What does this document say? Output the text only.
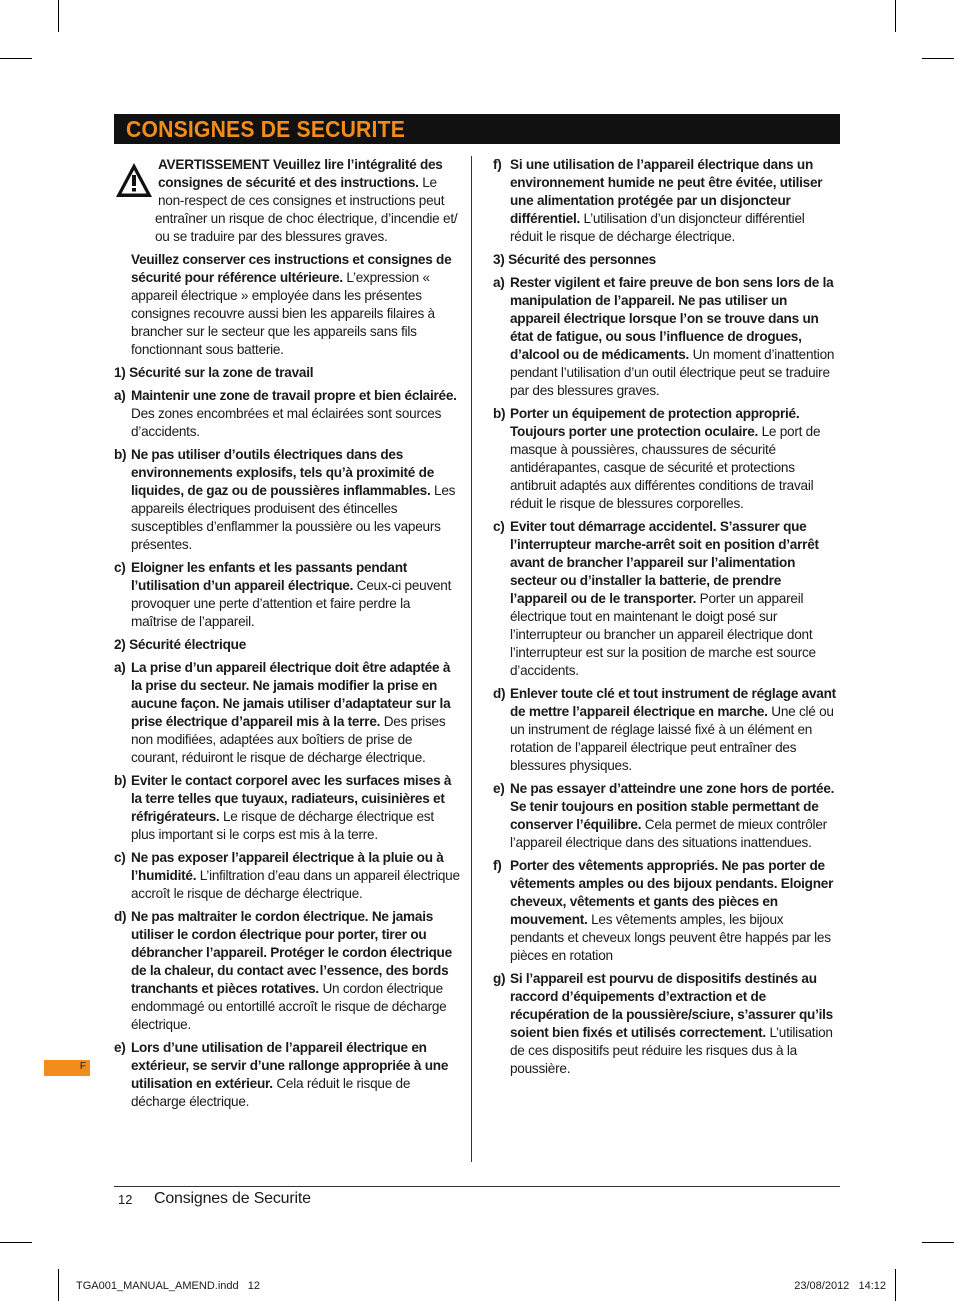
CONSIGNES DE SECURITE
AVERTISSEMENT Veuillez lire l’intégralité des consignes de sécurité et des instructions. Le non-respect de ces consignes et instructions peut entraîner un risque de choc électrique, d’incendie et/ ou se traduire par des blessures graves.
Veuillez conserver ces instructions et consignes de sécurité pour référence ultérieure. L’expression « appareil électrique » employée dans les présentes consignes recouvre aussi bien les appareils filaires à brancher sur le secteur que les appareils sans fils fonctionnant sous batterie.
1) Sécurité sur la zone de travail
a) Maintenir une zone de travail propre et bien éclairée. Des zones encombrées et mal éclairées sont sources d’accidents.
b) Ne pas utiliser d’outils électriques dans des environnements explosifs, tels qu’à proximité de liquides, de gaz ou de poussières inflammables. Les appareils électriques produisent des étincelles susceptibles d’enflammer la poussière ou les vapeurs présentes.
c) Eloigner les enfants et les passants pendant l’utilisation d’un appareil électrique. Ceux-ci peuvent provoquer une perte d’attention et faire perdre la maîtrise de l’appareil.
2) Sécurité électrique
a) La prise d’un appareil électrique doit être adaptée à la prise du secteur. Ne jamais modifier la prise en aucune façon. Ne jamais utiliser d’adaptateur sur la prise électrique d’appareil mis à la terre. Des prises non modifiées, adaptées aux boîtiers de prise de courant, réduiront le risque de décharge électrique.
b) Eviter le contact corporel avec les surfaces mises à la terre telles que tuyaux, radiateurs, cuisinières et réfrigérateurs. Le risque de décharge électrique est plus important si le corps est mis à la terre.
c) Ne pas exposer l’appareil électrique à la pluie ou à l’humidité. L’infiltration d’eau dans un appareil électrique accroît le risque de décharge électrique.
d) Ne pas maltraiter le cordon électrique. Ne jamais utiliser le cordon électrique pour porter, tirer ou débrancher l’appareil. Protéger le cordon électrique de la chaleur, du contact avec l’essence, des bords tranchants et pièces rotatives. Un cordon électrique endommagé ou entortillé accroît le risque de décharge électrique.
e) Lors d’une utilisation de l’appareil électrique en extérieur, se servir d’une rallonge appropriée à une utilisation en extérieur. Cela réduit le risque de décharge électrique.
f) Si une utilisation de l’appareil électrique dans un environnement humide ne peut être évitée, utiliser une alimentation protégée par un disjoncteur différentiel. L’utilisation d’un disjoncteur différentiel réduit le risque de décharge électrique.
3) Sécurité des personnes
a) Rester vigilent et faire preuve de bon sens lors de la manipulation de l’appareil. Ne pas utiliser un appareil électrique lorsque l’on se trouve dans un état de fatigue, ou sous l’influence de drogues, d’alcool ou de médicaments. Un moment d’inattention pendant l’utilisation d’un outil électrique peut se traduire par des blessures graves.
b) Porter un équipement de protection approprié. Toujours porter une protection oculaire. Le port de masque à poussières, chaussures de sécurité antidérapantes, casque de sécurité et protections antibruit adaptés aux différentes conditions de travail réduit le risque de blessures corporelles.
c) Eviter tout démarrage accidentel. S’assurer que l’interrupteur marche-arrêt soit en position d’arrêt avant de brancher l’appareil sur l’alimentation secteur ou d’installer la batterie, de prendre l’appareil ou de le transporter. Porter un appareil électrique tout en maintenant le doigt posé sur l’interrupteur ou brancher un appareil électrique dont l’interrupteur est sur la position de marche est source d’accidents.
d) Enlever toute clé et tout instrument de réglage avant de mettre l’appareil électrique en marche. Une clé ou un instrument de réglage laissé fixé à un élément en rotation de l’appareil électrique peut entraîner des blessures physiques.
e) Ne pas essayer d’atteindre une zone hors de portée. Se tenir toujours en position stable permettant de conserver l’équilibre. Cela permet de mieux contrôler l’appareil électrique dans des situations inattendues.
f) Porter des vêtements appropriés. Ne pas porter de vêtements amples ou des bijoux pendants. Eloigner cheveux, vêtements et gants des pièces en mouvement. Les vêtements amples, les bijoux pendants et cheveux longs peuvent être happés par les pièces en rotation
g) Si l’appareil est pourvu de dispositifs destinés au raccord d’équipements d’extraction et de récupération de la poussière/sciure, s’assurer qu’ils soient bien fixés et utilisés correctement. L’utilisation de ces dispositifs peut réduire les risques dus à la poussière.
F
12 Consignes de Securite
TGA001_MANUAL_AMEND.indd   12	23/08/2012   14:12
